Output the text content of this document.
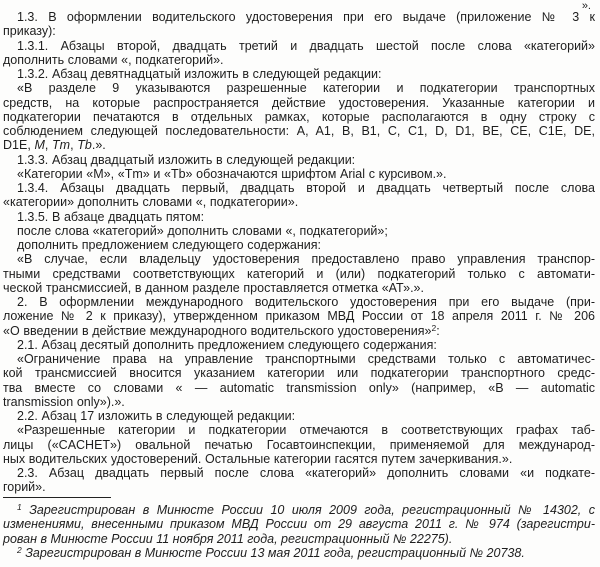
».
1.3. В оформлении водительского удостоверения при его выдаче (приложение № 3 к
приказу):
1.3.1. Абзацы второй, двадцать третий и двадцать шестой после слова «категорий»
дополнить словами «, подкатегорий».
1.3.2. Абзац девятнадцатый изложить в следующей редакции:
«В разделе 9 указываются разрешенные категории и подкатегории транспортных
средств, на которые распространяется действие удостоверения. Указанные категории и
подкатегории печатаются в отдельных рамках, которые располагаются в одну строку с
соблюдением следующей последовательности: A, A1, B, B1, C, C1, D, D1, BE, CE, C1E, DE,
D1E, M, Tm, Tb.».
1.3.3. Абзац двадцатый изложить в следующей редакции:
«Категории «M», «Tm» и «Tb» обозначаются шрифтом Arial с курсивом.».
1.3.4. Абзацы двадцать первый, двадцать второй и двадцать четвертый после слова
«категории» дополнить словами «, подкатегории».
1.3.5. В абзаце двадцать пятом:
после слова «категорий» дополнить словами «, подкатегорий»;
дополнить предложением следующего содержания:
«В случае, если владельцу удостоверения предоставлено право управления транспор-
тными средствами соответствующих категорий и (или) подкатегорий только с автомати-
ческой трансмиссией, в данном разделе проставляется отметка «АТ».».
2. В оформлении международного водительского удостоверения при его выдаче (при-
ложение № 2 к приказу), утвержденном приказом МВД России от 18 апреля 2011 г. № 206
«О введении в действие международного водительского удостоверения»$^2$:
2.1. Абзац десятый дополнить предложением следующего содержания:
«Ограничение права на управление транспортными средствами только с автоматичес-
кой трансмиссией вносится указанием категории или подкатегории транспортного средс-
тва вместе со словами « — automatic transmission only» (например, «B — automatic
transmission only»).».
2.2. Абзац 17 изложить в следующей редакции:
«Разрешенные категории и подкатегории отмечаются в соответствующих графах таб-
лицы («CACHET») овальной печатью Госавтоинспекции, применяемой для международ-
ных водительских удостоверений. Остальные категории гасятся путем зачеркивания.».
2.3. Абзац двадцать первый после слова «категорий» дополнить словами «и подкате-
горий».
$^1$ Зарегистрирован в Минюсте России 10 июля 2009 года, регистрационный № 14302, с
изменениями, внесенными приказом МВД России от 29 августа 2011 г. № 974 (зарегистри-
рован в Минюсте России 11 ноября 2011 года, регистрационный № 22275).
$^2$ Зарегистрирован в Минюсте России 13 мая 2011 года, регистрационный № 20738.
